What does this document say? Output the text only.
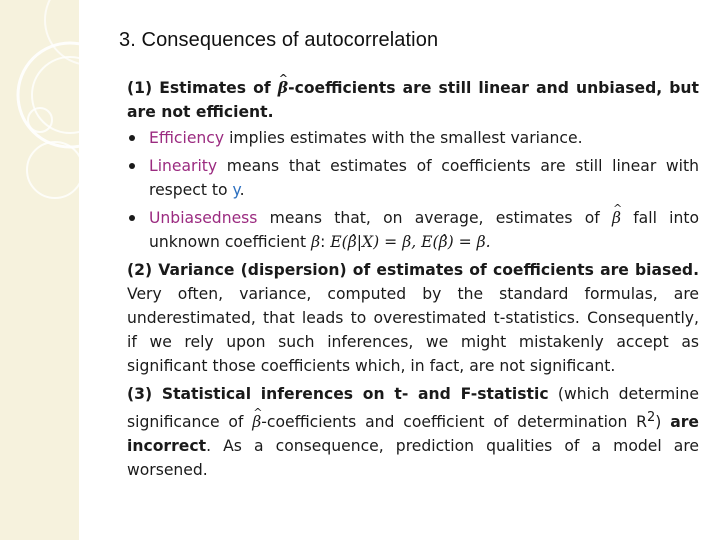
3. Consequences of autocorrelation

(1) Estimates of ^ β-coefficients are still linear and unbiased, but are not efficient.

Efficiency implies estimates with the smallest variance.
Linearity means that estimates of coefficients are still linear with respect to y.
Unbiasedness means that, on average, estimates of ^ β fall into unknown coefficient β: E(β̂|X) = β, E(β̂) = β.

(2) Variance (dispersion) of estimates of coefficients are biased. Very often, variance, computed by the standard formulas, are underestimated, that leads to overestimated t-statistics. Consequently, if we rely upon such inferences, we might mistakenly accept as significant those coefficients which, in fact, are not significant.

(3) Statistical inferences on t- and F-statistic (which determine significance of ^ β-coefficients and coefficient of determination $R^2$) are incorrect. As a consequence, prediction qualities of a model are worsened.
